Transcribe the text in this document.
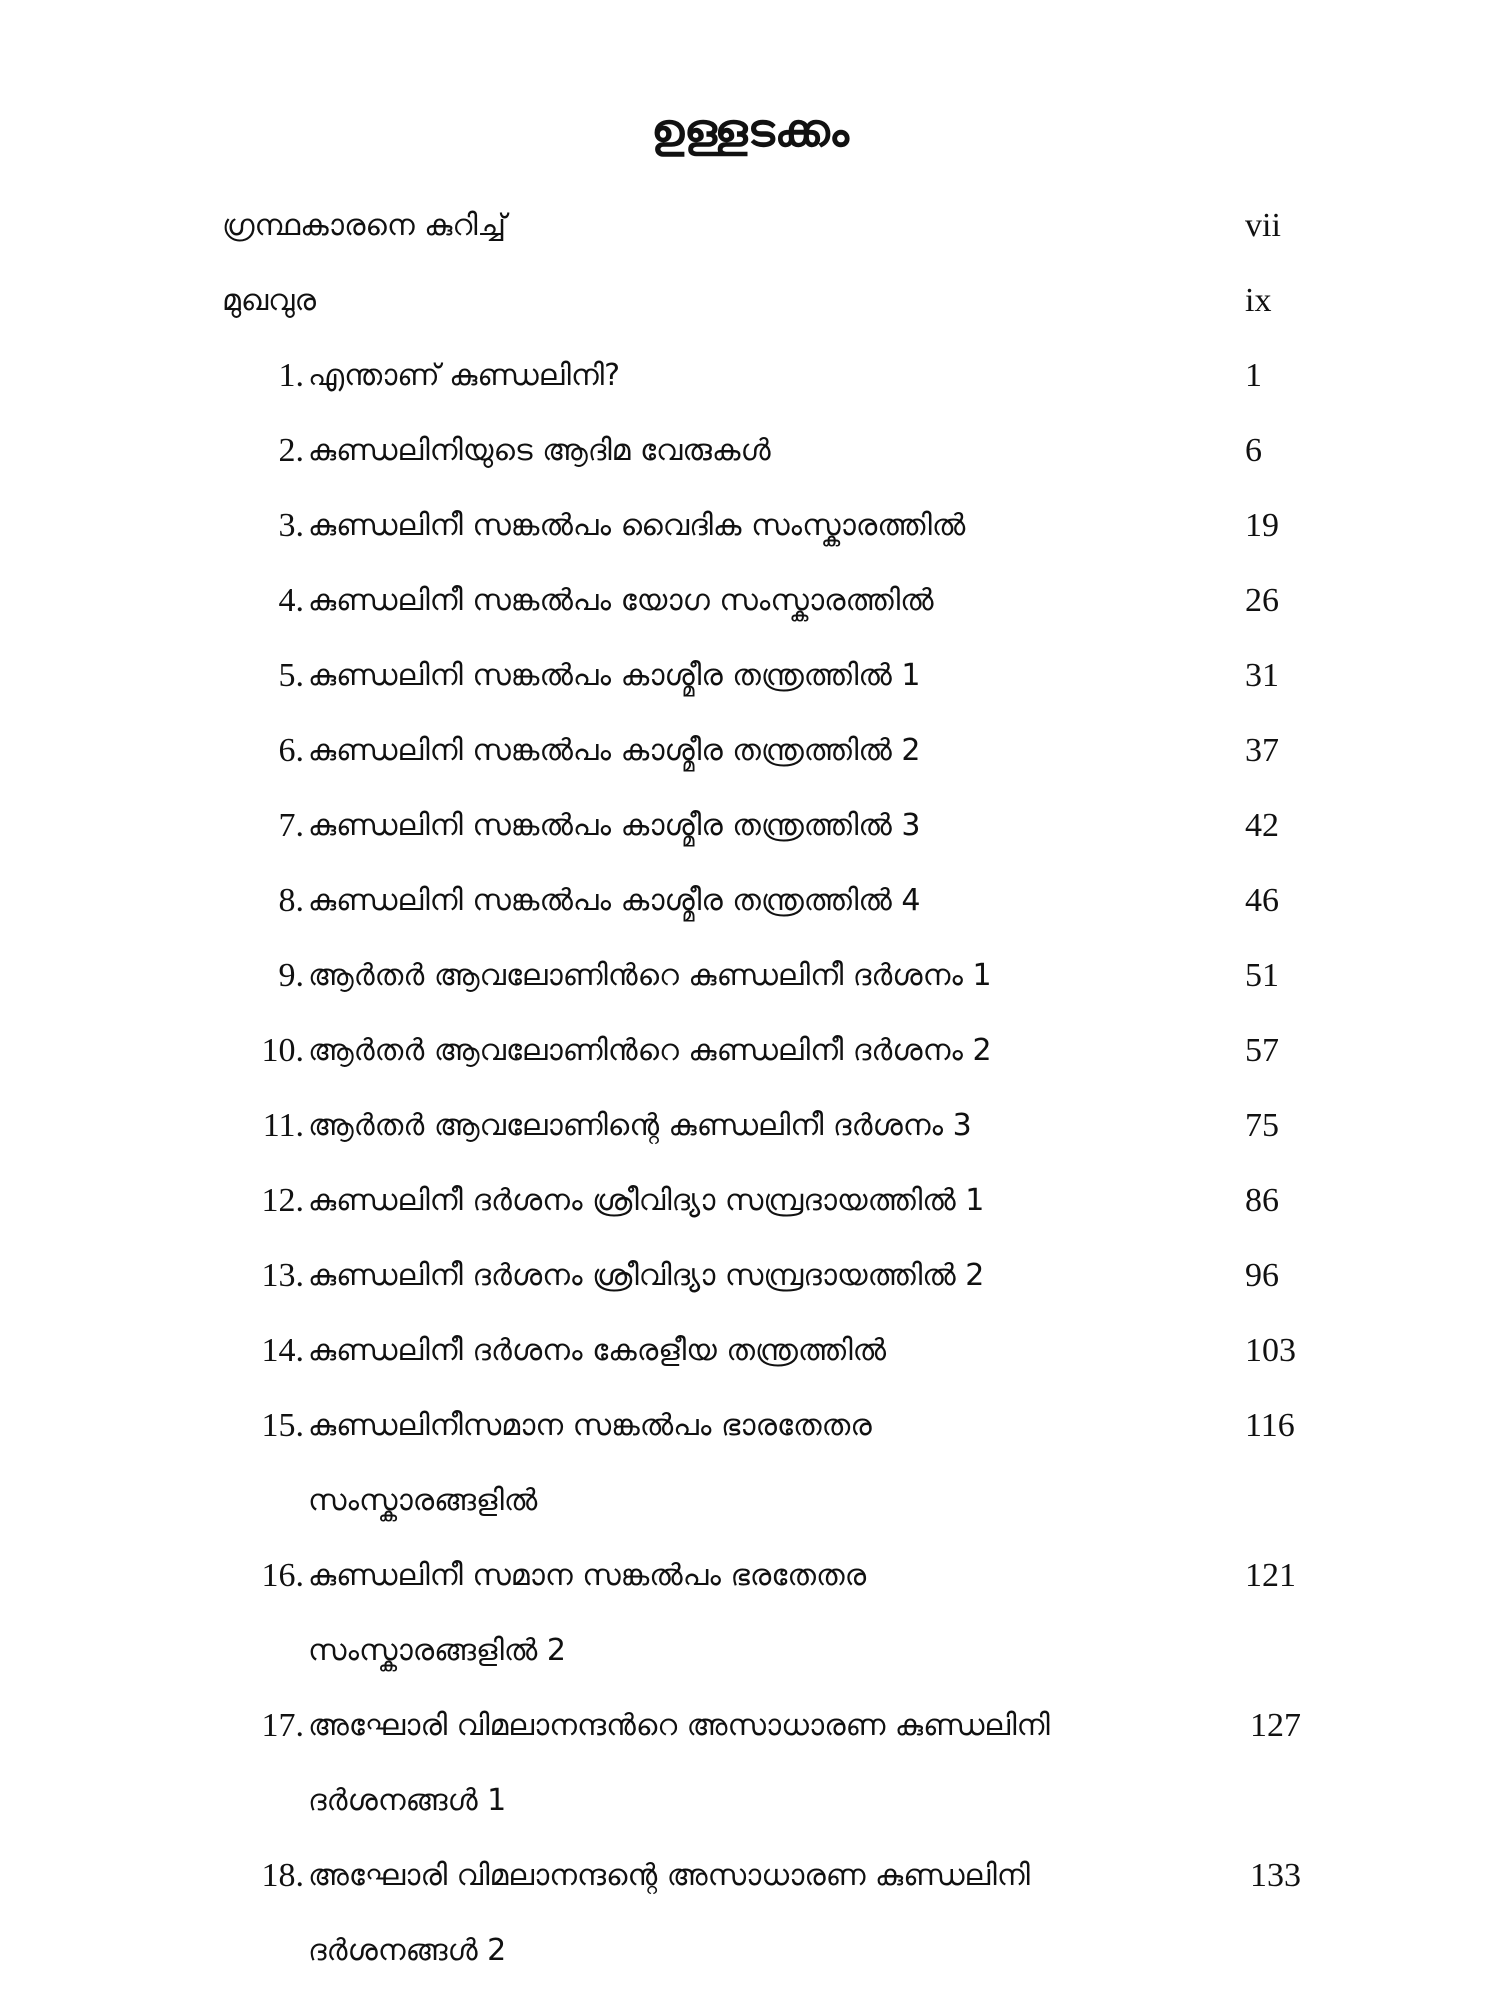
ഉള്ളടക്കം
ഗ്രന്ഥകാരനെ കുറിച്ച്	vii
മുഖവുര	ix
1. എന്താണ് കുണ്ഡലിനി?	1
2. കുണ്ഡലിനിയുടെ ആദിമ വേരുകൾ	6
3. കുണ്ഡലിനീ സങ്കൽപം വൈദിക സംസ്കാരത്തിൽ	19
4. കുണ്ഡലിനീ സങ്കൽപം യോഗ സംസ്കാരത്തിൽ	26
5. കുണ്ഡലിനി സങ്കൽപം കാശ്മീര തന്ത്രത്തിൽ 1	31
6. കുണ്ഡലിനി സങ്കൽപം കാശ്മീര തന്ത്രത്തിൽ 2	37
7. കുണ്ഡലിനി സങ്കൽപം കാശ്മീര തന്ത്രത്തിൽ 3	42
8. കുണ്ഡലിനി സങ്കൽപം കാശ്മീര തന്ത്രത്തിൽ 4	46
9. ആർതർ ആവലോണിൻറെ കുണ്ഡലിനീ ദർശനം 1	51
10. ആർതർ ആവലോണിൻറെ കുണ്ഡലിനീ ദർശനം 2	57
11. ആർതർ ആവലോണിന്റെ കുണ്ഡലിനീ ദർശനം 3	75
12. കുണ്ഡലിനീ ദർശനം ശ്രീവിദ്യാ സമ്പ്രദായത്തിൽ 1	86
13. കുണ്ഡലിനീ ദർശനം ശ്രീവിദ്യാ സമ്പ്രദായത്തിൽ 2	96
14. കുണ്ഡലിനീ ദർശനം കേരളീയ തന്ത്രത്തിൽ	103
15. കുണ്ഡലിനീസമാന സങ്കൽപം ഭാരതേതര	116
സംസ്കാരങ്ങളിൽ
16. കുണ്ഡലിനീ സമാന സങ്കൽപം ഭരതേതര	121
സംസ്കാരങ്ങളിൽ 2
17. അഘോരി വിമലാനന്ദൻറെ അസാധാരണ കുണ്ഡലിനി	127
ദർശനങ്ങൾ 1
18. അഘോരി വിമലാനന്ദന്റെ അസാധാരണ കുണ്ഡലിനി	133
ദർശനങ്ങൾ 2
